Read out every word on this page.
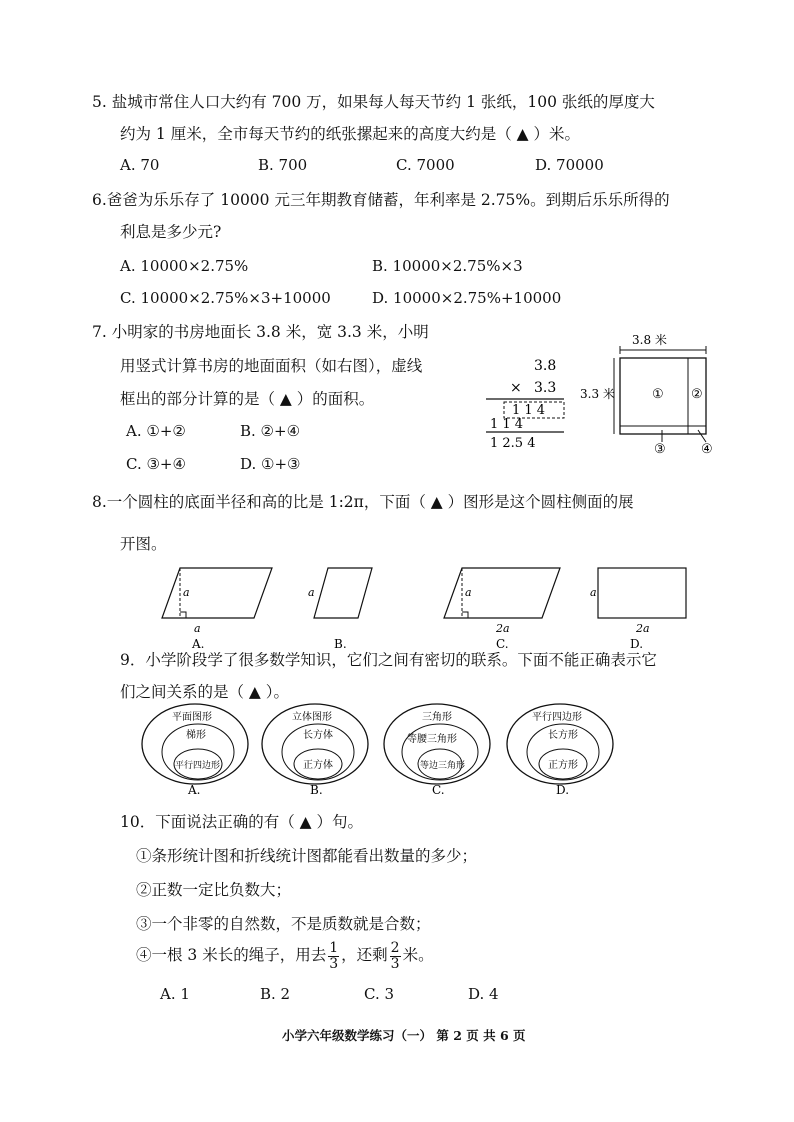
5. 盐城市常住人口大约有 700 万，如果每人每天节约 1 张纸，100 张纸的厚度大
约为 1 厘米，全市每天节约的纸张摞起来的高度大约是（ ▲ ）米。
A. 70	B. 700	C. 7000	D. 70000
6.爸爸为乐乐存了 10000 元三年期教育储蓄，年利率是 2.75%。到期后乐乐所得的
利息是多少元?
A. 10000×2.75%	B. 10000×2.75%×3
C. 10000×2.75%×3+10000	D. 10000×2.75%+10000
7. 小明家的书房地面长 3.8 米，宽 3.3 米，小明
用竖式计算书房的地面面积（如右图），虚线
框出的部分计算的是（ ▲ ）的面积。
A. ①+②	B. ②+④
C. ③+④	D. ①+③
3.8
× 3.3
1 1 4
1 1 4
1 2.5 4
3.8 米
3.3 米	① ②
③	④
8.一个圆柱的底面半径和高的比是 1:2π，下面（ ▲ ）图形是这个圆柱侧面的展
开图。
a
a
A.
a
B.
a
2a
C.
a
2a
D.
9．小学阶段学了很多数学知识，它们之间有密切的联系。下面不能正确表示它
们之间关系的是（ ▲ ）。
平面图形
梯形
平行四边形
A.
立体图形
长方体
正方体
B.
三角形
等腰三角形
等边三角形
C.
平行四边形
长方形
正方形
D.
10．下面说法正确的有（ ▲ ）句。
①条形统计图和折线统计图都能看出数量的多少；
②正数一定比负数大；
③一个非零的自然数，不是质数就是合数；
④一根 3 米长的绳子，用去 $\frac{1}{3}$ ，还剩 $\frac{2}{3}$ 米。
A. 1	B. 2	C. 3	D. 4
小学六年级数学练习（一） 第 2 页 共 6 页
